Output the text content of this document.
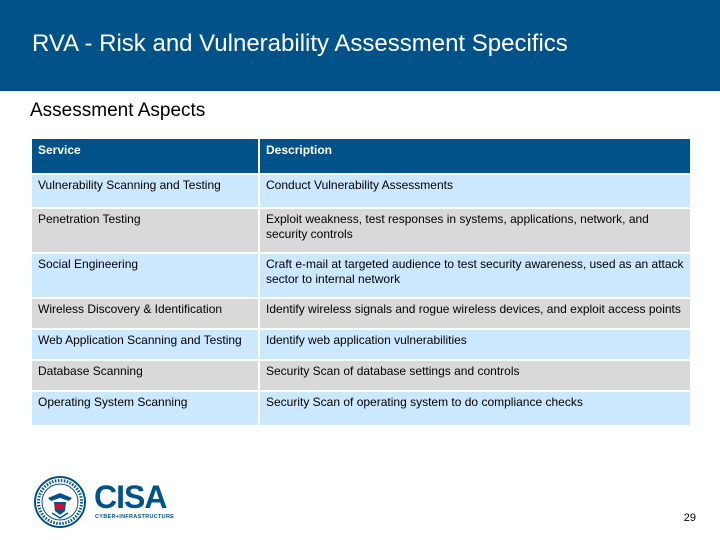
RVA - Risk and Vulnerability Assessment Specifics
Assessment Aspects
Service	Description
Vulnerability Scanning and Testing	Conduct Vulnerability Assessments
Penetration Testing	Exploit weakness, test responses in systems, applications, network, and security controls
Social Engineering	Craft e-mail at targeted audience to test security awareness, used as an attack sector to internal network
Wireless Discovery & Identification	Identify wireless signals and rogue wireless devices, and exploit access points
Web Application Scanning and Testing	Identify web application vulnerabilities
Database Scanning	Security Scan of database settings and controls
Operating System Scanning	Security Scan of operating system to do compliance checks
CISA
CYBER+INFRASTRUCTURE	29
